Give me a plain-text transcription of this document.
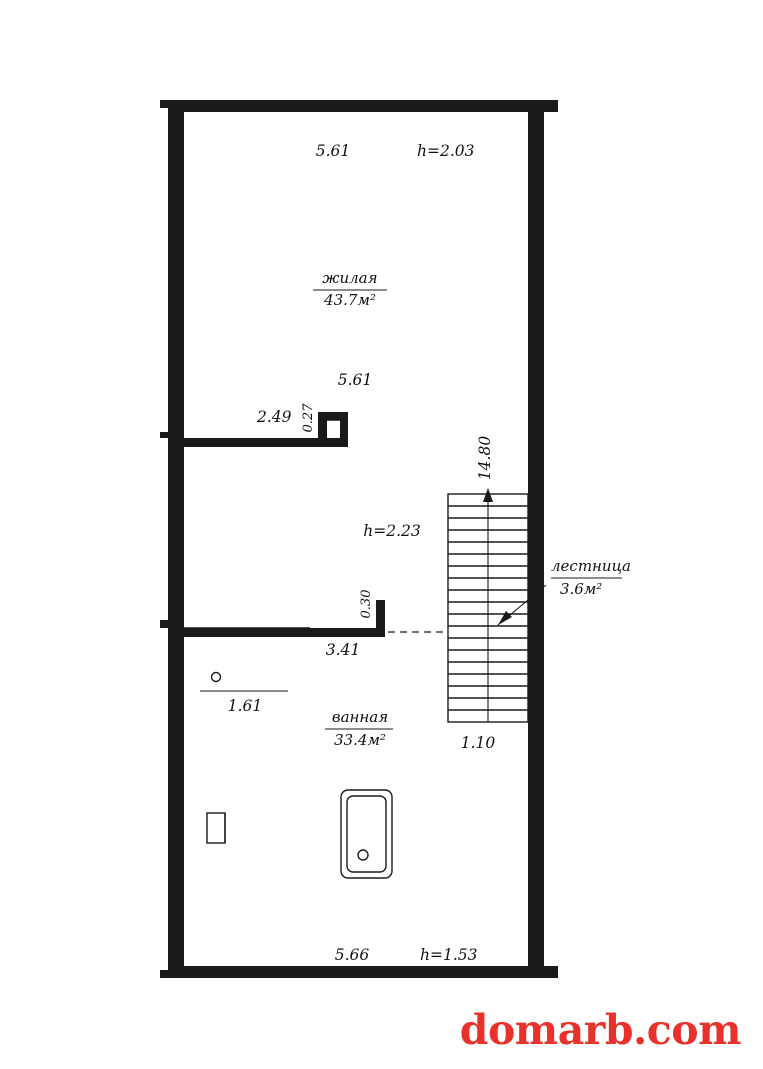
5.61	h=2.03
жилая
43.7м²
5.61
2.49 0.27
14.80
h=2.23
0.30
3.41
1.61
ванная
33.4м²	1.10
5.66	h=1.53
лестница
3.6м²
domarb.com
